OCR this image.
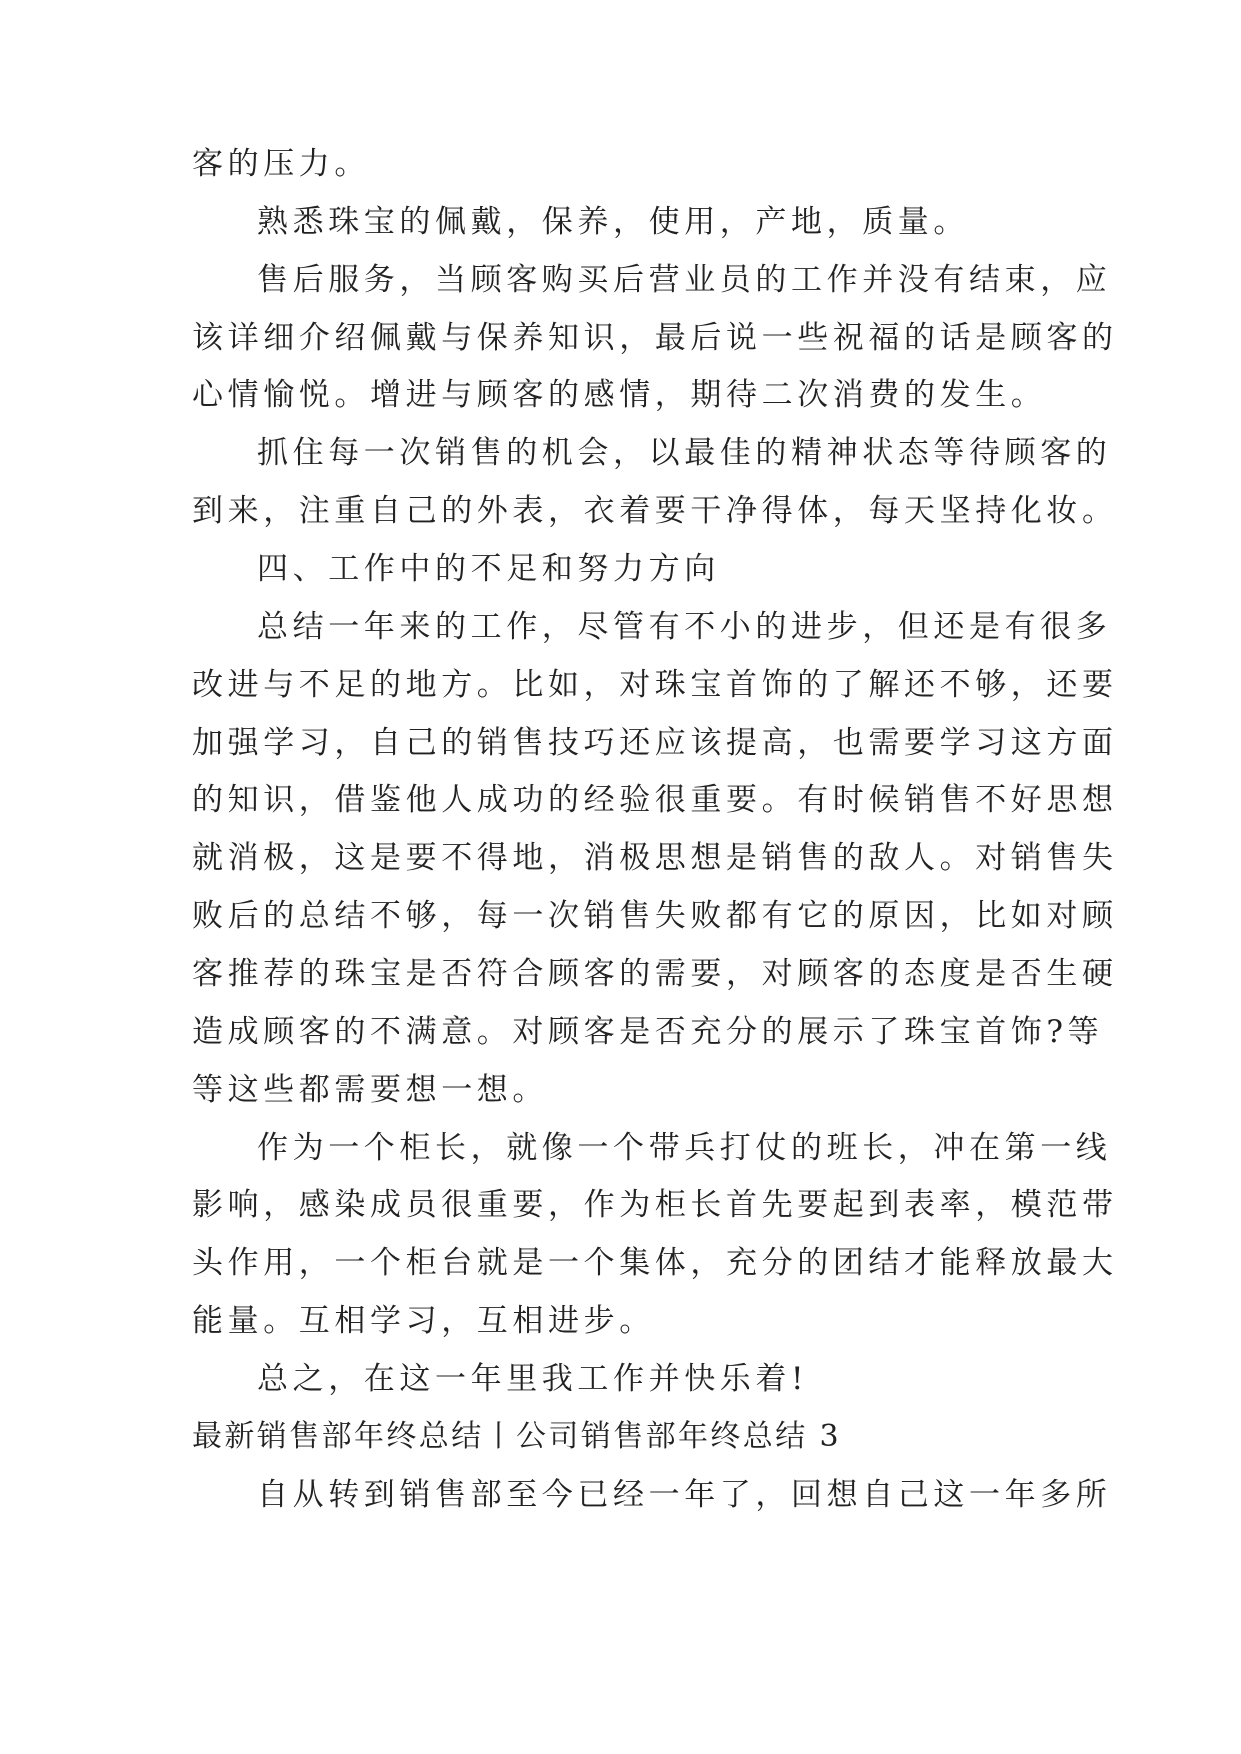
客的压力。
熟悉珠宝的佩戴，保养，使用，产地，质量。
售后服务，当顾客购买后营业员的工作并没有结束，应
该详细介绍佩戴与保养知识，最后说一些祝福的话是顾客的
心情愉悦。增进与顾客的感情，期待二次消费的发生。
抓住每一次销售的机会，以最佳的精神状态等待顾客的
到来，注重自己的外表，衣着要干净得体，每天坚持化妆。
四、工作中的不足和努力方向
总结一年来的工作，尽管有不小的进步，但还是有很多
改进与不足的地方。比如，对珠宝首饰的了解还不够，还要
加强学习，自己的销售技巧还应该提高，也需要学习这方面
的知识，借鉴他人成功的经验很重要。有时候销售不好思想
就消极，这是要不得地，消极思想是销售的敌人。对销售失
败后的总结不够，每一次销售失败都有它的原因，比如对顾
客推荐的珠宝是否符合顾客的需要，对顾客的态度是否生硬
造成顾客的不满意。对顾客是否充分的展示了珠宝首饰?等
等这些都需要想一想。
作为一个柜长，就像一个带兵打仗的班长，冲在第一线
影响，感染成员很重要，作为柜长首先要起到表率，模范带
头作用，一个柜台就是一个集体，充分的团结才能释放最大
能量。互相学习，互相进步。
总之，在这一年里我工作并快乐着!
最新销售部年终总结丨公司销售部年终总结 3
自从转到销售部至今已经一年了，回想自己这一年多所
